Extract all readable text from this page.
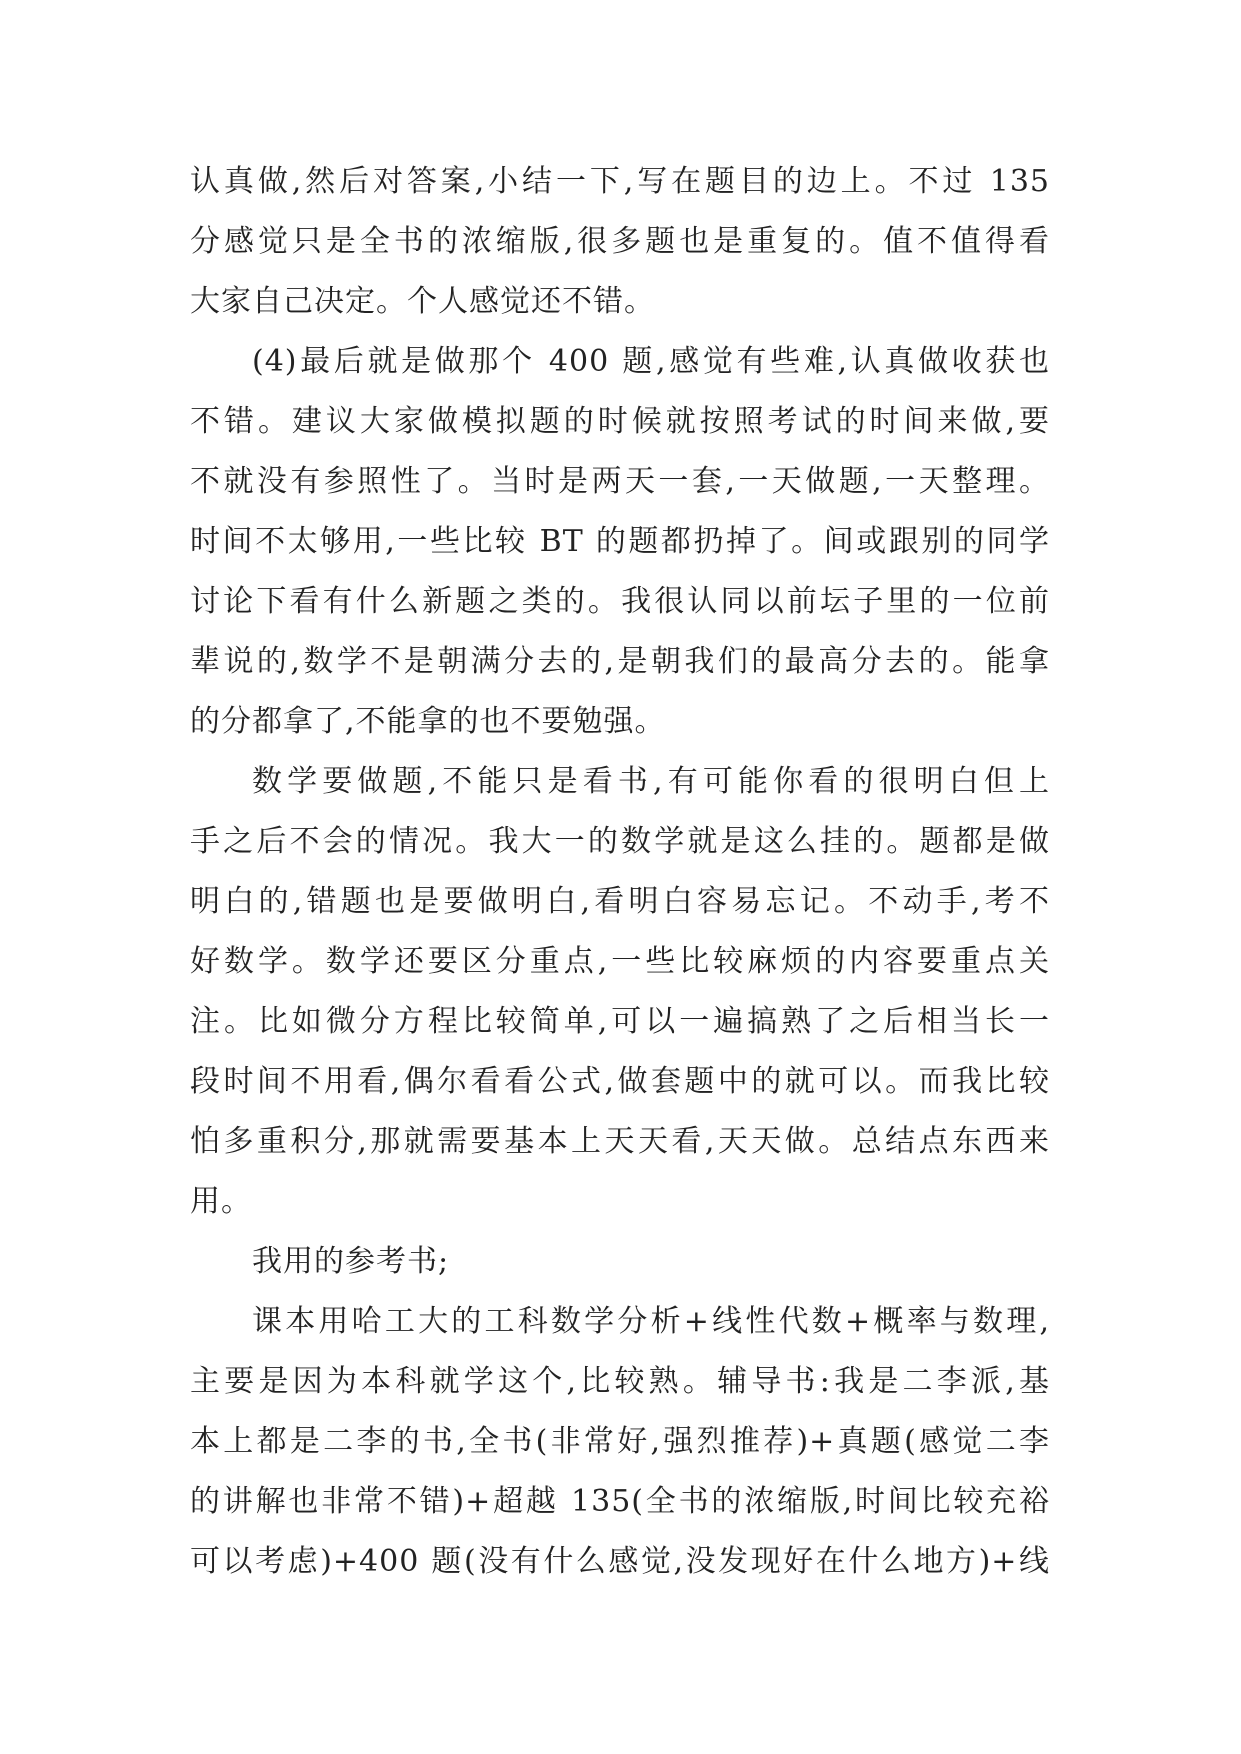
认真做,然后对答案,小结一下,写在题目的边上。不过 135

分感觉只是全书的浓缩版,很多题也是重复的。值不值得看

大家自己决定。个人感觉还不错。

(4)最后就是做那个 400 题,感觉有些难,认真做收获也

不错。建议大家做模拟题的时候就按照考试的时间来做,要

不就没有参照性了。当时是两天一套,一天做题,一天整理。

时间不太够用,一些比较 BT 的题都扔掉了。间或跟别的同学

讨论下看有什么新题之类的。我很认同以前坛子里的一位前

辈说的,数学不是朝满分去的,是朝我们的最高分去的。能拿

的分都拿了,不能拿的也不要勉强。

数学要做题,不能只是看书,有可能你看的很明白但上

手之后不会的情况。我大一的数学就是这么挂的。题都是做

明白的,错题也是要做明白,看明白容易忘记。不动手,考不

好数学。数学还要区分重点,一些比较麻烦的内容要重点关

注。比如微分方程比较简单,可以一遍搞熟了之后相当长一

段时间不用看,偶尔看看公式,做套题中的就可以。而我比较

怕多重积分,那就需要基本上天天看,天天做。总结点东西来

用。

我用的参考书;

课本用哈工大的工科数学分析+线性代数+概率与数理,

主要是因为本科就学这个,比较熟。辅导书:我是二李派,基

本上都是二李的书,全书(非常好,强烈推荐)+真题(感觉二李

的讲解也非常不错)+超越 135(全书的浓缩版,时间比较充裕

可以考虑)+400 题(没有什么感觉,没发现好在什么地方)+线
